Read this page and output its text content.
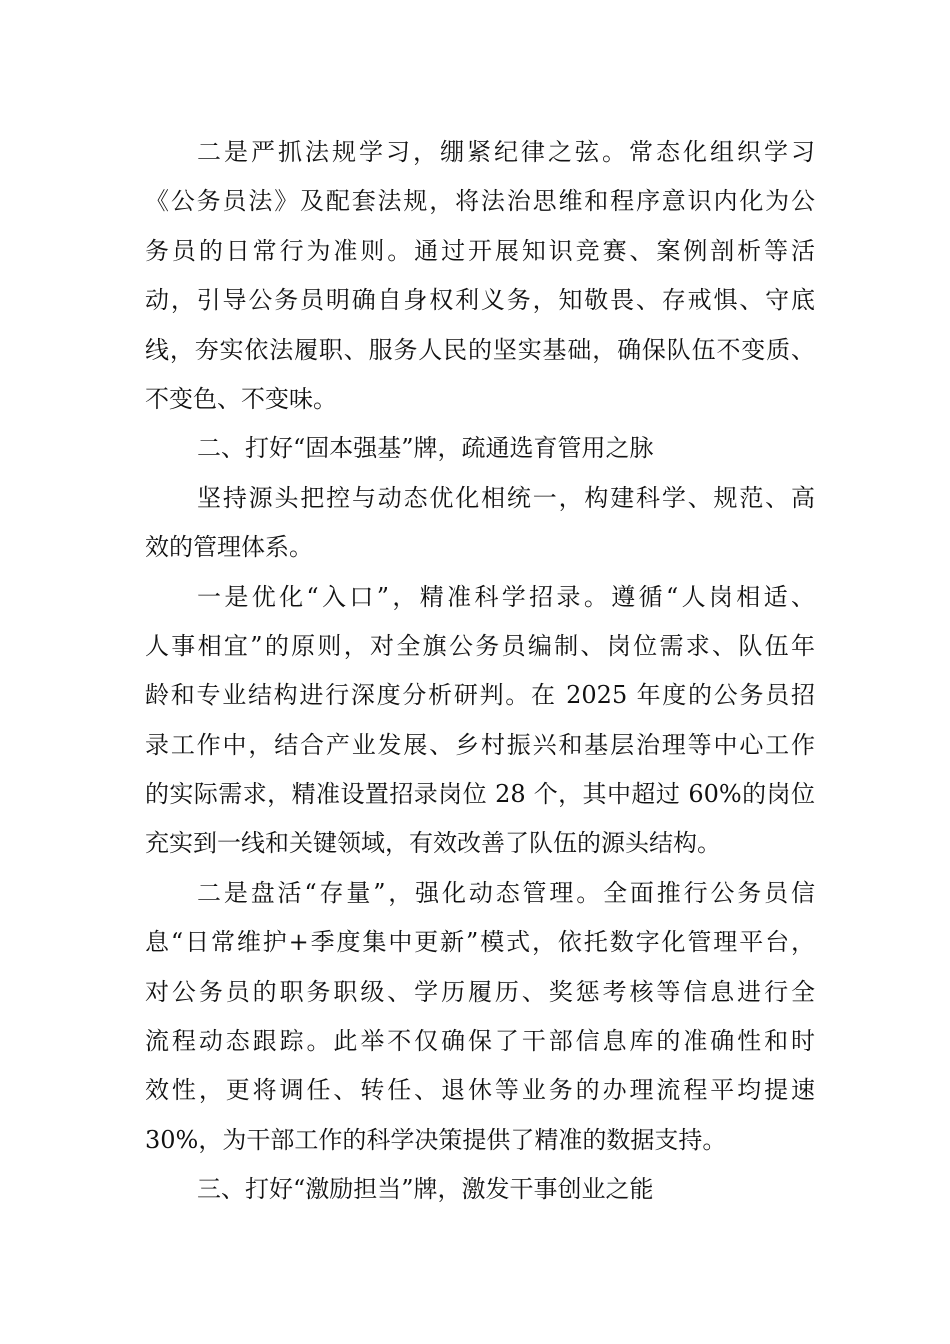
二是严抓法规学习，绷紧纪律之弦。常态化组织学习
《公务员法》及配套法规，将法治思维和程序意识内化为公
务员的日常行为准则。通过开展知识竞赛、案例剖析等活
动，引导公务员明确自身权利义务，知敬畏、存戒惧、守底
线，夯实依法履职、服务人民的坚实基础，确保队伍不变质、
不变色、不变味。
二、打好“固本强基”牌，疏通选育管用之脉
坚持源头把控与动态优化相统一，构建科学、规范、高
效的管理体系。
一是优化“入口”，精准科学招录。遵循“人岗相适、
人事相宜”的原则，对全旗公务员编制、岗位需求、队伍年
龄和专业结构进行深度分析研判。在 2025 年度的公务员招
录工作中，结合产业发展、乡村振兴和基层治理等中心工作
的实际需求，精准设置招录岗位 28 个，其中超过 60%的岗位
充实到一线和关键领域，有效改善了队伍的源头结构。
二是盘活“存量”，强化动态管理。全面推行公务员信
息“日常维护+季度集中更新”模式，依托数字化管理平台，
对公务员的职务职级、学历履历、奖惩考核等信息进行全
流程动态跟踪。此举不仅确保了干部信息库的准确性和时
效性，更将调任、转任、退休等业务的办理流程平均提速
30%，为干部工作的科学决策提供了精准的数据支持。
三、打好“激励担当”牌，激发干事创业之能
